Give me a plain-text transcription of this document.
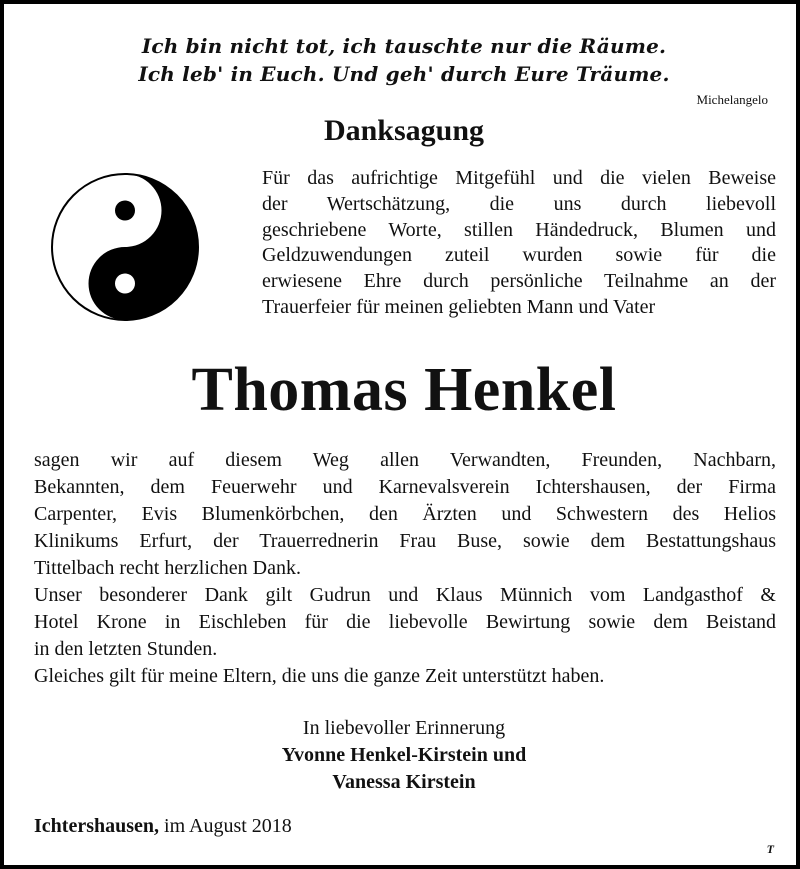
Ich bin nicht tot, ich tauschte nur die Räume.
Ich leb' in Euch. Und geh' durch Eure Träume.
Michelangelo
Danksagung
Für das aufrichtige Mitgefühl und die vielen Beweise
der Wertschätzung, die uns durch liebevoll
geschriebene Worte, stillen Händedruck, Blumen und
Geldzuwendungen zuteil wurden sowie für die
erwiesene Ehre durch persönliche Teilnahme an der
Trauerfeier für meinen geliebten Mann und Vater
Thomas Henkel
sagen wir auf diesem Weg allen Verwandten, Freunden, Nachbarn,
Bekannten, dem Feuerwehr und Karnevalsverein Ichtershausen, der Firma
Carpenter, Evis Blumenkörbchen, den Ärzten und Schwestern des Helios
Klinikums Erfurt, der Trauerrednerin Frau Buse, sowie dem Bestattungshaus
Tittelbach recht herzlichen Dank.
Unser besonderer Dank gilt Gudrun und Klaus Münnich vom Landgasthof &
Hotel Krone in Eischleben für die liebevolle Bewirtung sowie dem Beistand
in den letzten Stunden.
Gleiches gilt für meine Eltern, die uns die ganze Zeit unterstützt haben.
In liebevoller Erinnerung
Yvonne Henkel-Kirstein und
Vanessa Kirstein
Ichtershausen, im August 2018
T
